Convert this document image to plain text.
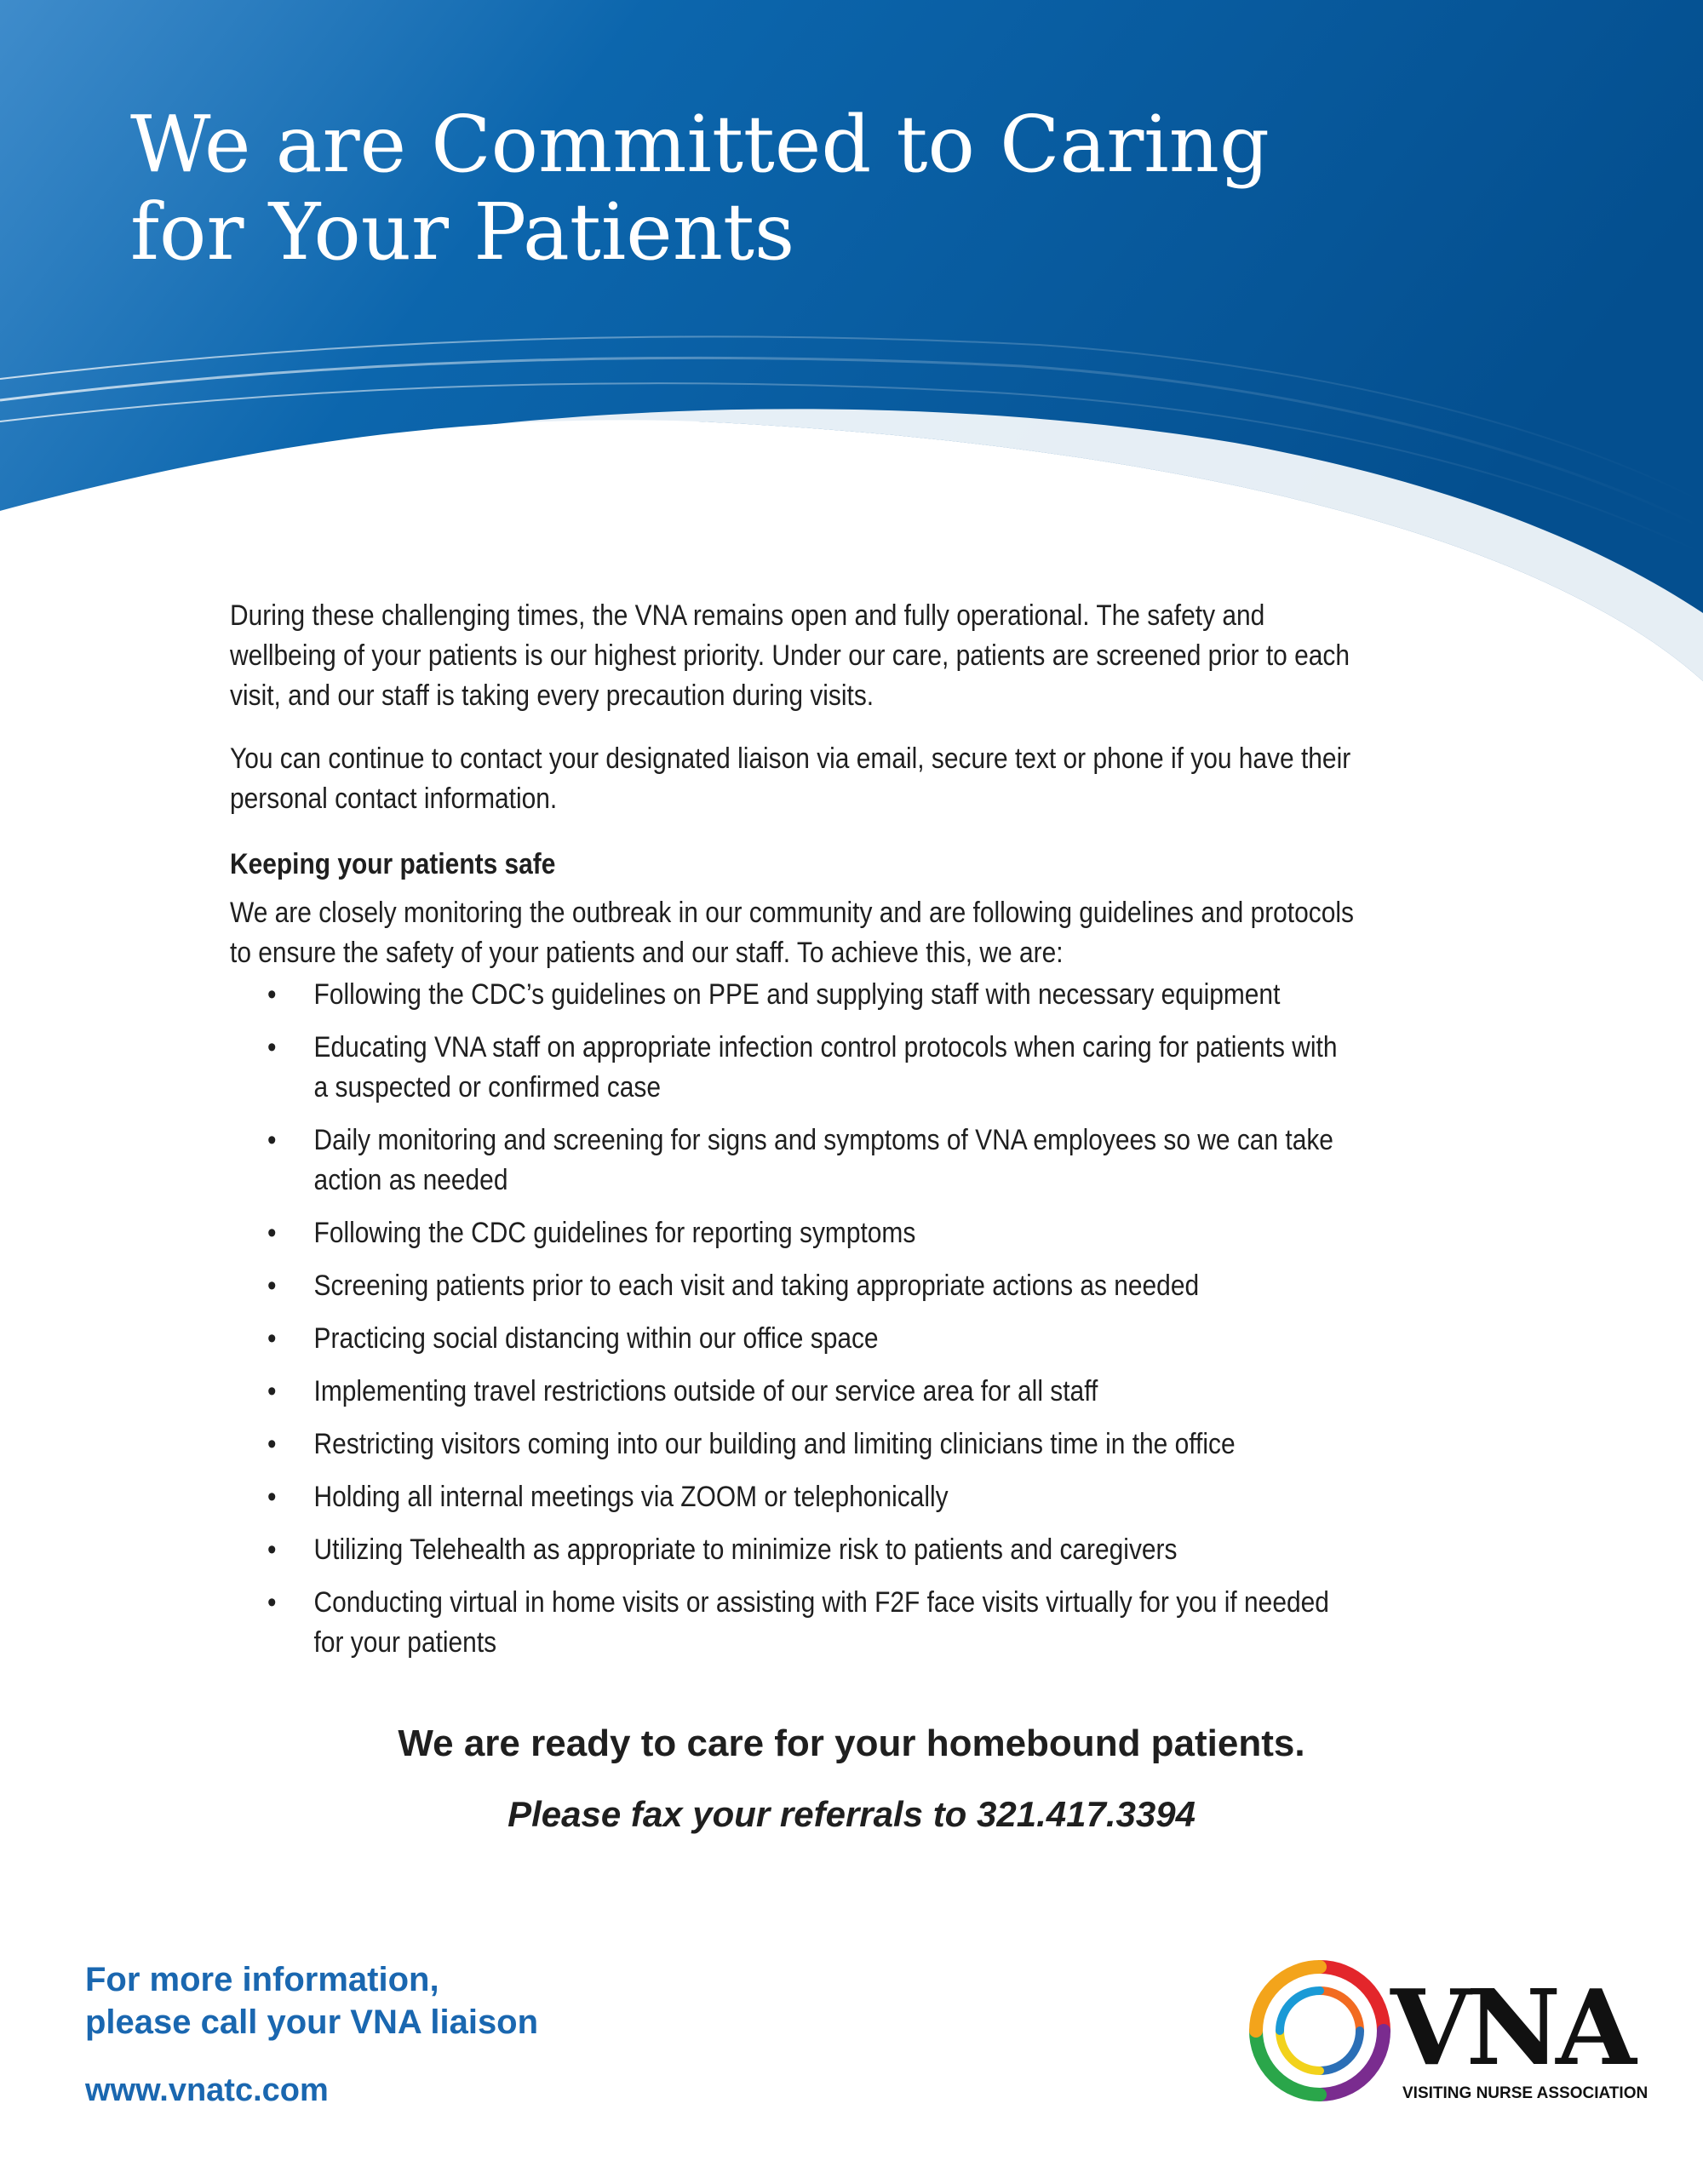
We are Committed to Caring
for Your Patients

During these challenging times, the VNA remains open and fully operational. The safety and wellbeing of your patients is our highest priority. Under our care, patients are screened prior to each visit, and our staff is taking every precaution during visits.

You can continue to contact your designated liaison via email, secure text or phone if you have their personal contact information.

Keeping your patients safe

We are closely monitoring the outbreak in our community and are following guidelines and protocols to ensure the safety of your patients and our staff. To achieve this, we are:

• Following the CDC’s guidelines on PPE and supplying staff with necessary equipment
• Educating VNA staff on appropriate infection control protocols when caring for patients with a suspected or confirmed case
• Daily monitoring and screening for signs and symptoms of VNA employees so we can take action as needed
• Following the CDC guidelines for reporting symptoms
• Screening patients prior to each visit and taking appropriate actions as needed
• Practicing social distancing within our office space
• Implementing travel restrictions outside of our service area for all staff
• Restricting visitors coming into our building and limiting clinicians time in the office
• Holding all internal meetings via ZOOM or telephonically
• Utilizing Telehealth as appropriate to minimize risk to patients and caregivers
• Conducting virtual in home visits or assisting with F2F face visits virtually for you if needed for your patients

We are ready to care for your homebound patients.

Please fax your referrals to 321.417.3394

For more information,
please call your VNA liaison

www.vnatc.com

VNA

VISITING NURSE ASSOCIATION
